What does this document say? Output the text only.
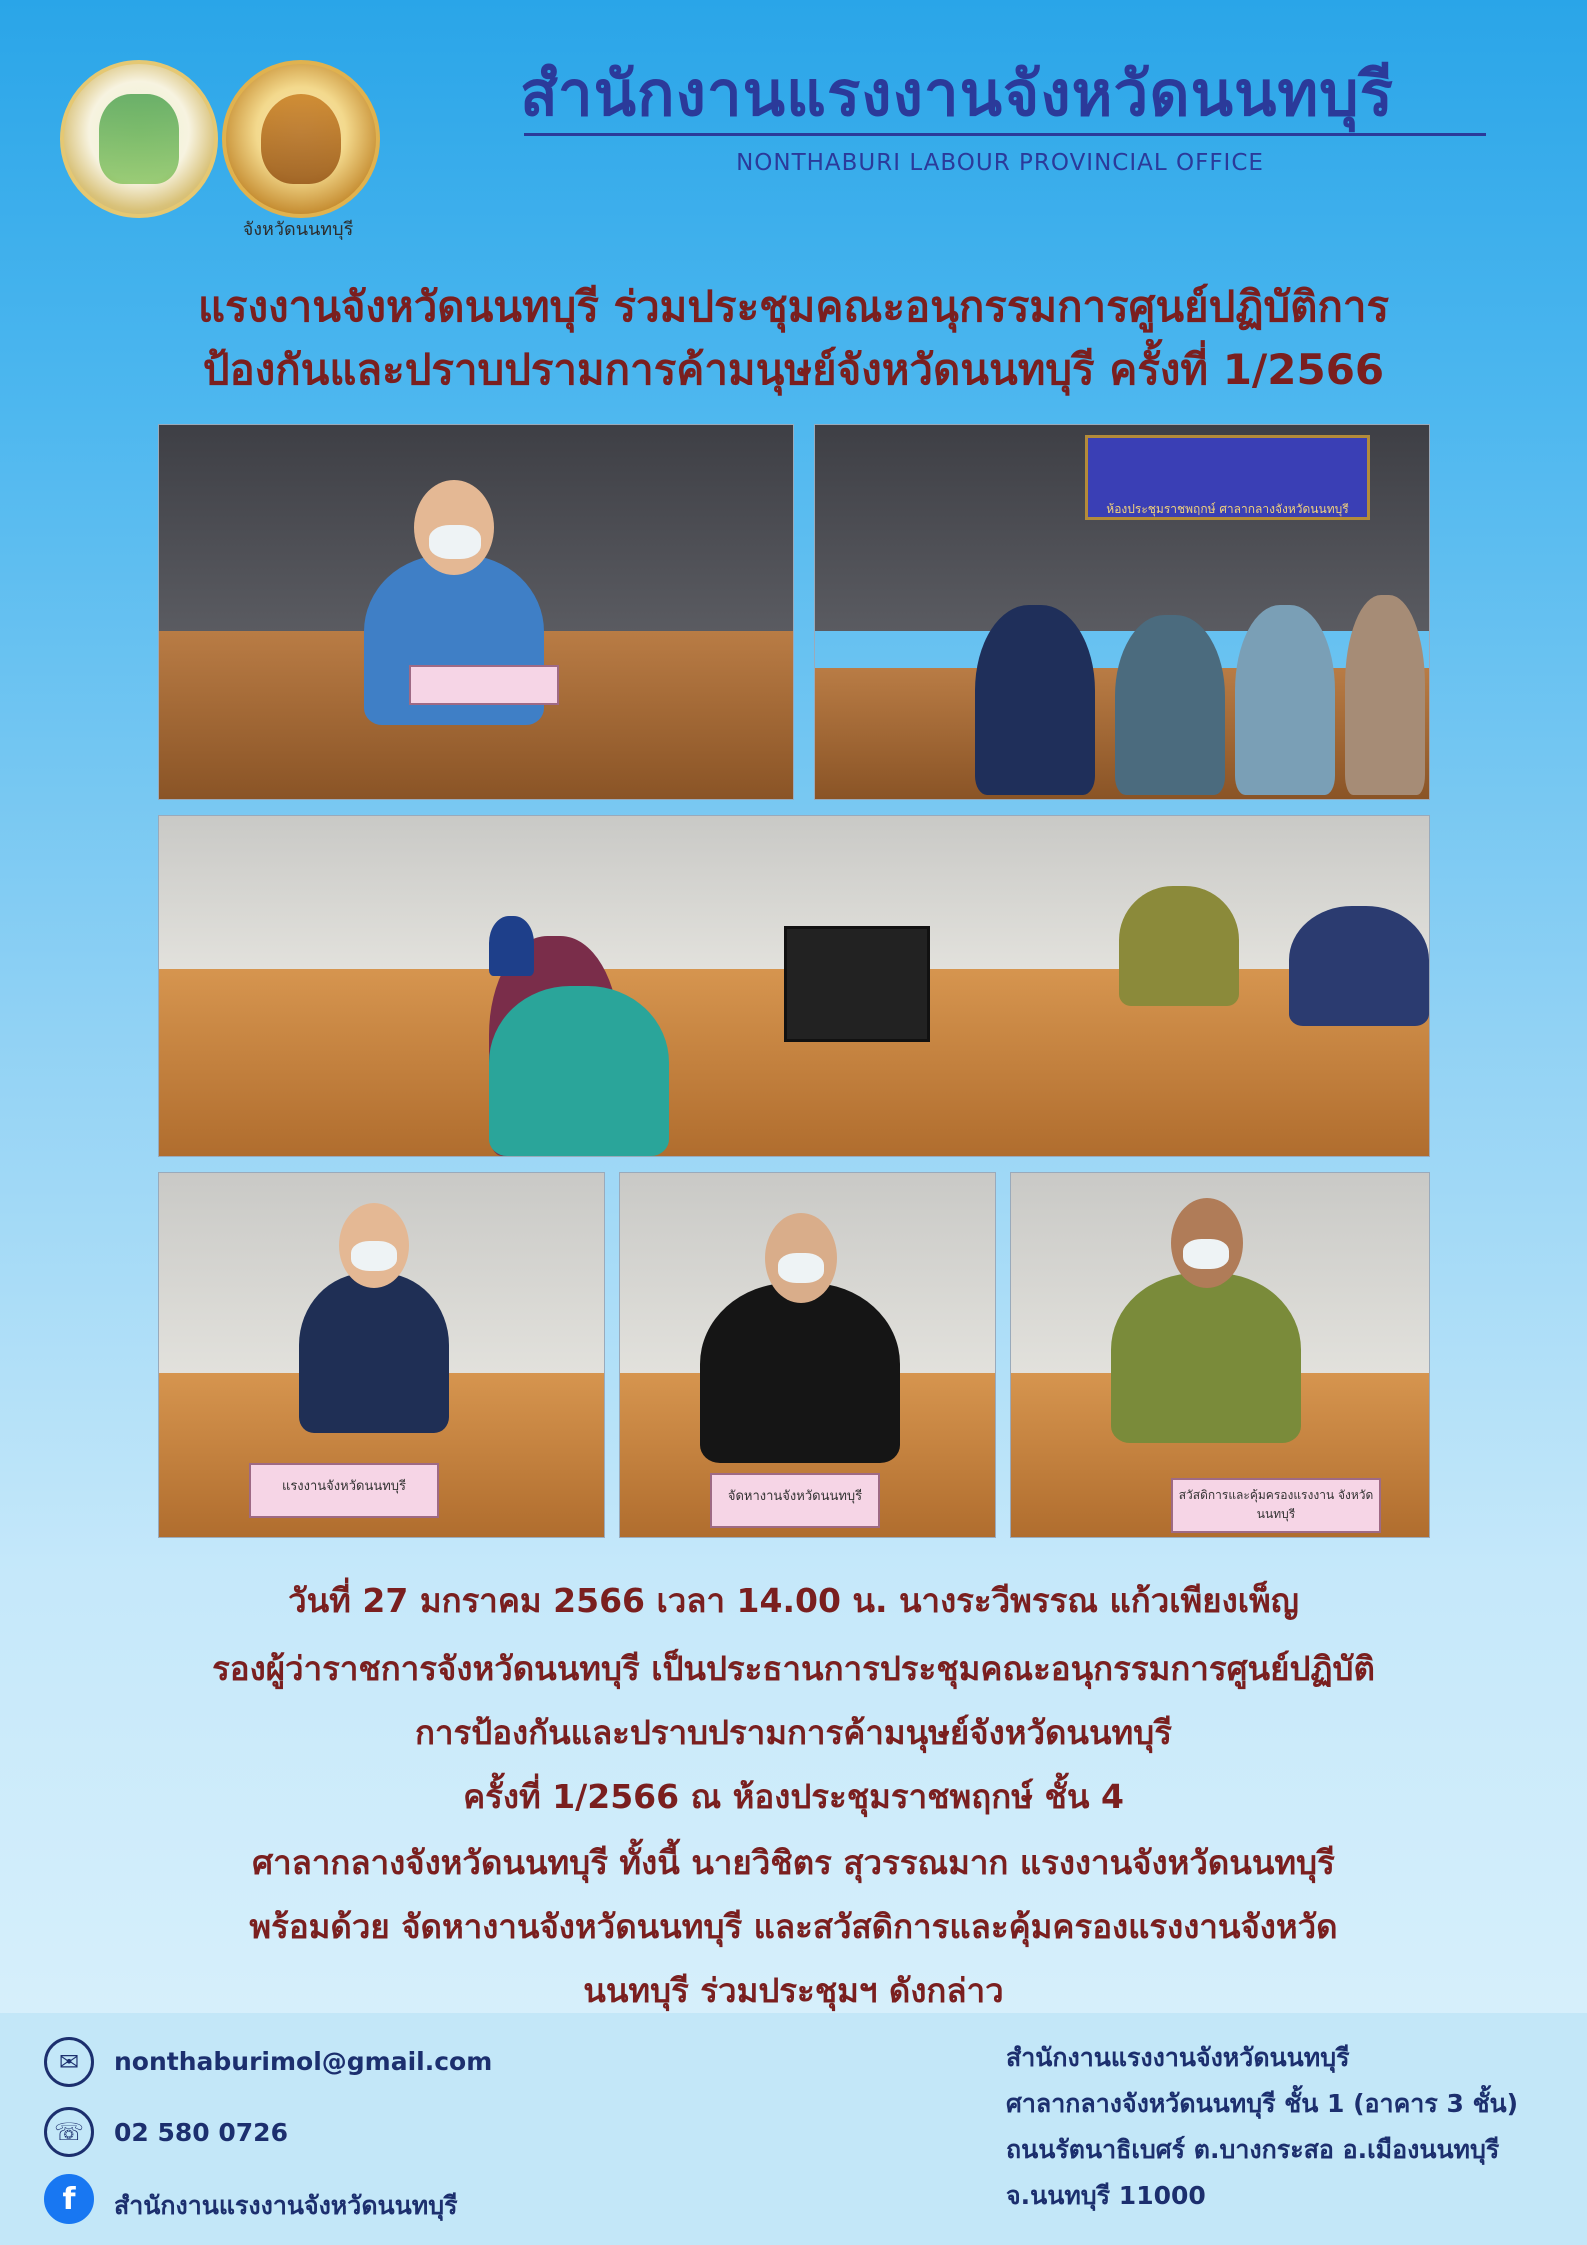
จังหวัดนนทบุรี
สำนักงานแรงงานจังหวัดนนทบุรี
NONTHABURI LABOUR PROVINCIAL OFFICE
แรงงานจังหวัดนนทบุรี ร่วมประชุมคณะอนุกรรมการศูนย์ปฏิบัติการ
ป้องกันและปราบปรามการค้ามนุษย์จังหวัดนนทบุรี ครั้งที่ 1/2566
ห้องประชุมราชพฤกษ์ ศาลากลางจังหวัดนนทบุรี
แรงงานจังหวัดนนทบุรี
จัดหางานจังหวัดนนทบุรี	สวัสดิการและคุ้มครองแรงงาน จังหวัดนนทบุรี
วันที่ 27 มกราคม 2566 เวลา 14.00 น. นางระวีพรรณ แก้วเพียงเพ็ญ
รองผู้ว่าราชการจังหวัดนนทบุรี เป็นประธานการประชุมคณะอนุกรรมการศูนย์ปฏิบัติ
การป้องกันและปราบปรามการค้ามนุษย์จังหวัดนนทบุรี
ครั้งที่ 1/2566 ณ ห้องประชุมราชพฤกษ์ ชั้น 4
ศาลากลางจังหวัดนนทบุรี ทั้งนี้ นายวิชิตร สุวรรณมาก แรงงานจังหวัดนนทบุรี
พร้อมด้วย จัดหางานจังหวัดนนทบุรี และสวัสดิการและคุ้มครองแรงงานจังหวัด
นนทบุรี ร่วมประชุมฯ ดังกล่าว
✉	nonthaburimol@gmail.com
☏	02 580 0726
f	สำนักงานแรงงานจังหวัดนนทบุรี
สำนักงานแรงงานจังหวัดนนทบุรี
ศาลากลางจังหวัดนนทบุรี ชั้น 1 (อาคาร 3 ชั้น)
ถนนรัตนาธิเบศร์ ต.บางกระสอ อ.เมืองนนทบุรี
จ.นนทบุรี 11000
